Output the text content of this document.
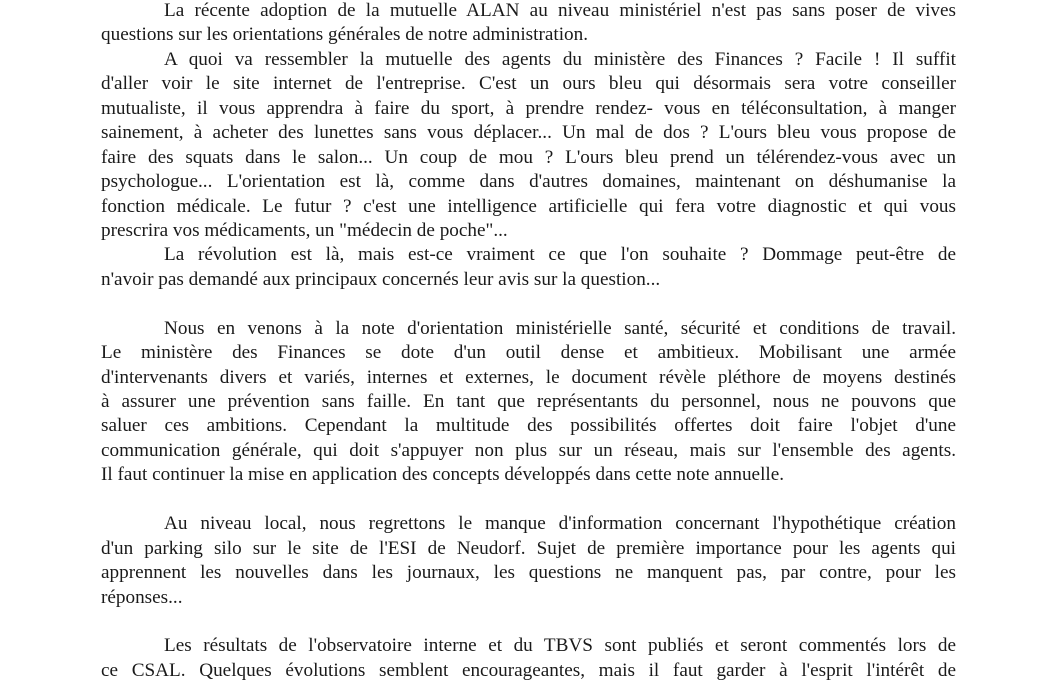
La récente adoption de la mutuelle ALAN au niveau ministériel n'est pas sans poser de vives
questions sur les orientations générales de notre administration.

A quoi va ressembler la mutuelle des agents du ministère des Finances ? Facile ! Il suffit
d'aller voir le site internet de l'entreprise. C'est un ours bleu qui désormais sera votre conseiller
mutualiste, il vous apprendra à faire du sport, à prendre rendez- vous en téléconsultation, à manger
sainement, à acheter des lunettes sans vous déplacer... Un mal de dos ? L'ours bleu vous propose de
faire des squats dans le salon... Un coup de mou ? L'ours bleu prend un télérendez-vous avec un
psychologue... L'orientation est là, comme dans d'autres domaines, maintenant on déshumanise la
fonction médicale. Le futur ? c'est une intelligence artificielle qui fera votre diagnostic et qui vous
prescrira vos médicaments, un "médecin de poche"...

La révolution est là, mais est-ce vraiment ce que l'on souhaite ? Dommage peut-être de
n'avoir pas demandé aux principaux concernés leur avis sur la question...

Nous en venons à la note d'orientation ministérielle santé, sécurité et conditions de travail.
Le ministère des Finances se dote d'un outil dense et ambitieux. Mobilisant une armée
d'intervenants divers et variés, internes et externes, le document révèle pléthore de moyens destinés
à assurer une prévention sans faille. En tant que représentants du personnel, nous ne pouvons que
saluer ces ambitions. Cependant la multitude des possibilités offertes doit faire l'objet d'une
communication générale, qui doit s'appuyer non plus sur un réseau, mais sur l'ensemble des agents.
Il faut continuer la mise en application des concepts développés dans cette note annuelle.

Au niveau local, nous regrettons le manque d'information concernant l'hypothétique création
d'un parking silo sur le site de l'ESI de Neudorf. Sujet de première importance pour les agents qui
apprennent les nouvelles dans les journaux, les questions ne manquent pas, par contre, pour les
réponses...

Les résultats de l'observatoire interne et du TBVS sont publiés et seront commentés lors de
ce CSAL. Quelques évolutions semblent encourageantes, mais il faut garder à l'esprit l'intérêt de
